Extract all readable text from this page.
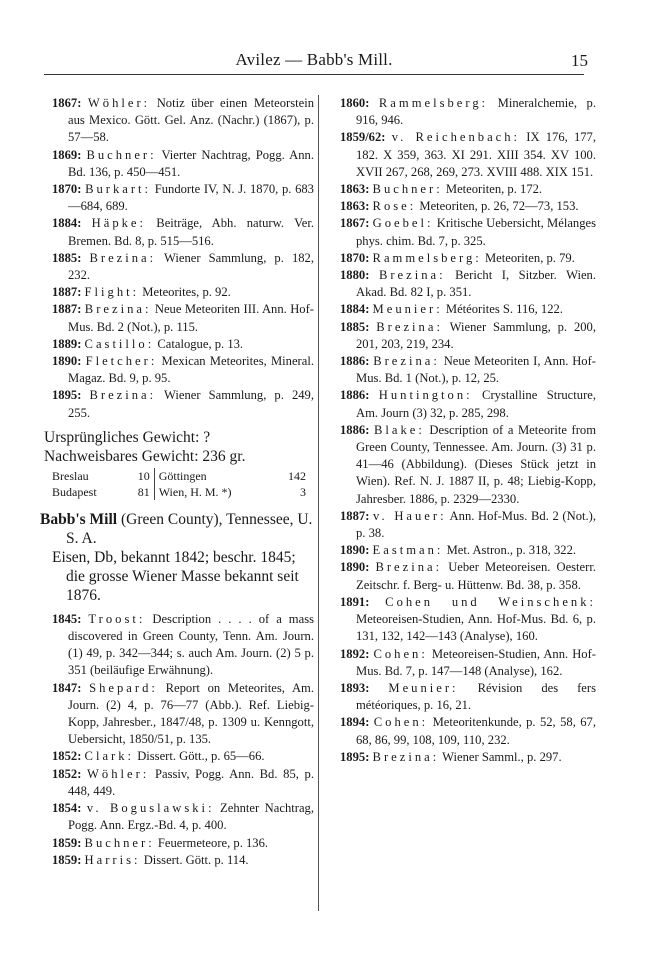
Avilez — Babb's Mill.	15
1867: Wöhler: Notiz über einen Meteorstein aus Mexico. Gött. Gel. Anz. (Nachr.) (1867), p. 57—58.
1869: Buchner: Vierter Nachtrag, Pogg. Ann. Bd. 136, p. 450—451.
1870: Burkart: Fundorte IV, N. J. 1870, p. 683—684, 689.
1884: Häpke: Beiträge, Abh. naturw. Ver. Bremen. Bd. 8, p. 515—516.
1885: Brezina: Wiener Sammlung, p. 182, 232.
1887: Flight: Meteorites, p. 92.
1887: Brezina: Neue Meteoriten III. Ann. Hof-Mus. Bd. 2 (Not.), p. 115.
1889: Castillo: Catalogue, p. 13.
1890: Fletcher: Mexican Meteorites, Mineral. Magaz. Bd. 9, p. 95.
1895: Brezina: Wiener Sammlung, p. 249, 255.
Ursprüngliches Gewicht: ?
Nachweisbares Gewicht: 236 gr.
Breslau	10	Göttingen	142
Budapest	81	Wien, H. M. *)	3
Babb's Mill (Green County), Tennessee, U. S. A.
Eisen, Db, bekannt 1842; beschr. 1845; die grosse Wiener Masse bekannt seit 1876.
1845: Troost: Description . . . . of a mass discovered in Green County, Tenn. Am. Journ. (1) 49, p. 342—344; s. auch Am. Journ. (2) 5 p. 351 (beiläufige Erwähnung).
1847: Shepard: Report on Meteorites, Am. Journ. (2) 4, p. 76—77 (Abb.). Ref. Liebig-Kopp, Jahresber., 1847/48, p. 1309 u. Kenngott, Uebersicht, 1850/51, p. 135.
1852: Clark: Dissert. Gött., p. 65—66.
1852: Wöhler: Passiv, Pogg. Ann. Bd. 85, p. 448, 449.
1854: v. Boguslawski: Zehnter Nachtrag, Pogg. Ann. Ergz.-Bd. 4, p. 400.
1859: Buchner: Feuermeteore, p. 136.
1859: Harris: Dissert. Gött. p. 114.
1860: Rammelsberg: Mineralchemie, p. 916, 946.
1859/62: v. Reichenbach: IX 176, 177, 182. X 359, 363. XI 291. XIII 354. XV 100. XVII 267, 268, 269, 273. XVIII 488. XIX 151.
1863: Buchner: Meteoriten, p. 172.
1863: Rose: Meteoriten, p. 26, 72—73, 153.
1867: Goebel: Kritische Uebersicht, Mélanges phys. chim. Bd. 7, p. 325.
1870: Rammelsberg: Meteoriten, p. 79.
1880: Brezina: Bericht I, Sitzber. Wien. Akad. Bd. 82 I, p. 351.
1884: Meunier: Météorites S. 116, 122.
1885: Brezina: Wiener Sammlung, p. 200, 201, 203, 219, 234.
1886: Brezina: Neue Meteoriten I, Ann. Hof-Mus. Bd. 1 (Not.), p. 12, 25.
1886: Huntington: Crystalline Structure, Am. Journ (3) 32, p. 285, 298.
1886: Blake: Description of a Meteorite from Green County, Tennessee. Am. Journ. (3) 31 p. 41—46 (Abbildung). (Dieses Stück jetzt in Wien). Ref. N. J. 1887 II, p. 48; Liebig-Kopp, Jahresber. 1886, p. 2329—2330.
1887: v. Hauer: Ann. Hof-Mus. Bd. 2 (Not.), p. 38.
1890: Eastman: Met. Astron., p. 318, 322.
1890: Brezina: Ueber Meteoreisen. Oesterr. Zeitschr. f. Berg- u. Hüttenw. Bd. 38, p. 358.
1891: Cohen und Weinschenk: Meteoreisen-Studien, Ann. Hof-Mus. Bd. 6, p. 131, 132, 142—143 (Analyse), 160.
1892: Cohen: Meteoreisen-Studien, Ann. Hof-Mus. Bd. 7, p. 147—148 (Analyse), 162.
1893: Meunier: Révision des fers météoriques, p. 16, 21.
1894: Cohen: Meteoritenkunde, p. 52, 58, 67, 68, 86, 99, 108, 109, 110, 232.
1895: Brezina: Wiener Samml., p. 297.
